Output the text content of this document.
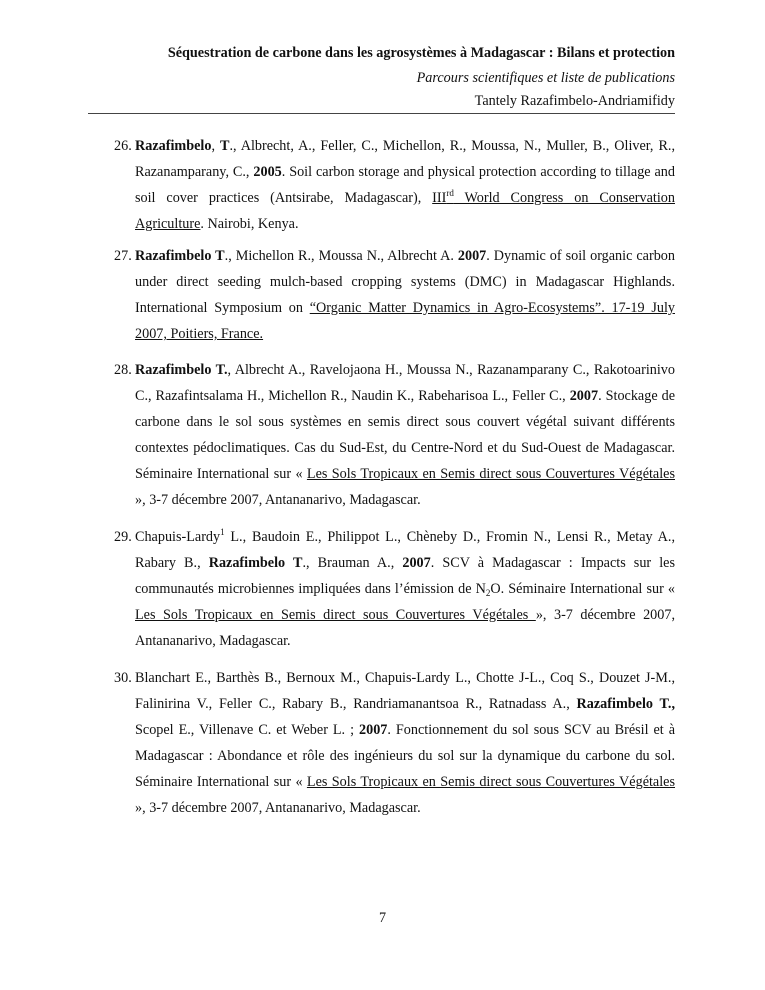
Séquestration de carbone dans les agrosystèmes à Madagascar : Bilans et protection
Parcours scientifiques et liste de publications
Tantely Razafimbelo-Andriamifidy
26. Razafimbelo, T., Albrecht, A., Feller, C., Michellon, R., Moussa, N., Muller, B., Oliver, R., Razanamparany, C., 2005. Soil carbon storage and physical protection according to tillage and soil cover practices (Antsirabe, Madagascar), IIIrd World Congress on Conservation Agriculture. Nairobi, Kenya.
27. Razafimbelo T., Michellon R., Moussa N., Albrecht A. 2007. Dynamic of soil organic carbon under direct seeding mulch-based cropping systems (DMC) in Madagascar Highlands. International Symposium on “Organic Matter Dynamics in Agro-Ecosystems”. 17-19 July 2007, Poitiers, France.
28. Razafimbelo T., Albrecht A., Ravelojaona H., Moussa N., Razanamparany C., Rakotoarinivo C., Razafintsalama H., Michellon R., Naudin K., Rabeharisoa L., Feller C., 2007. Stockage de carbone dans le sol sous systèmes en semis direct sous couvert végétal suivant différents contextes pédoclimatiques. Cas du Sud-Est, du Centre-Nord et du Sud-Ouest de Madagascar. Séminaire International sur « Les Sols Tropicaux en Semis direct sous Couvertures Végétales », 3-7 décembre 2007, Antananarivo, Madagascar.
29. Chapuis-Lardy$^1$ L., Baudoin E., Philippot L., Chèneby D., Fromin N., Lensi R., Metay A., Rabary B., Razafimbelo T., Brauman A., 2007. SCV à Madagascar : Impacts sur les communautés microbiennes impliquées dans l’émission de $N_2O$. Séminaire International sur « Les Sols Tropicaux en Semis direct sous Couvertures Végétales », 3-7 décembre 2007, Antananarivo, Madagascar.
30. Blanchart E., Barthès B., Bernoux M., Chapuis-Lardy L., Chotte J-L., Coq S., Douzet J-M., Falinirina V., Feller C., Rabary B., Randriamanantsoa R., Ratnadass A., Razafimbelo T., Scopel E., Villenave C. et Weber L. ; 2007. Fonctionnement du sol sous SCV au Brésil et à Madagascar : Abondance et rôle des ingénieurs du sol sur la dynamique du carbone du sol. Séminaire International sur « Les Sols Tropicaux en Semis direct sous Couvertures Végétales », 3-7 décembre 2007, Antananarivo, Madagascar.
7
